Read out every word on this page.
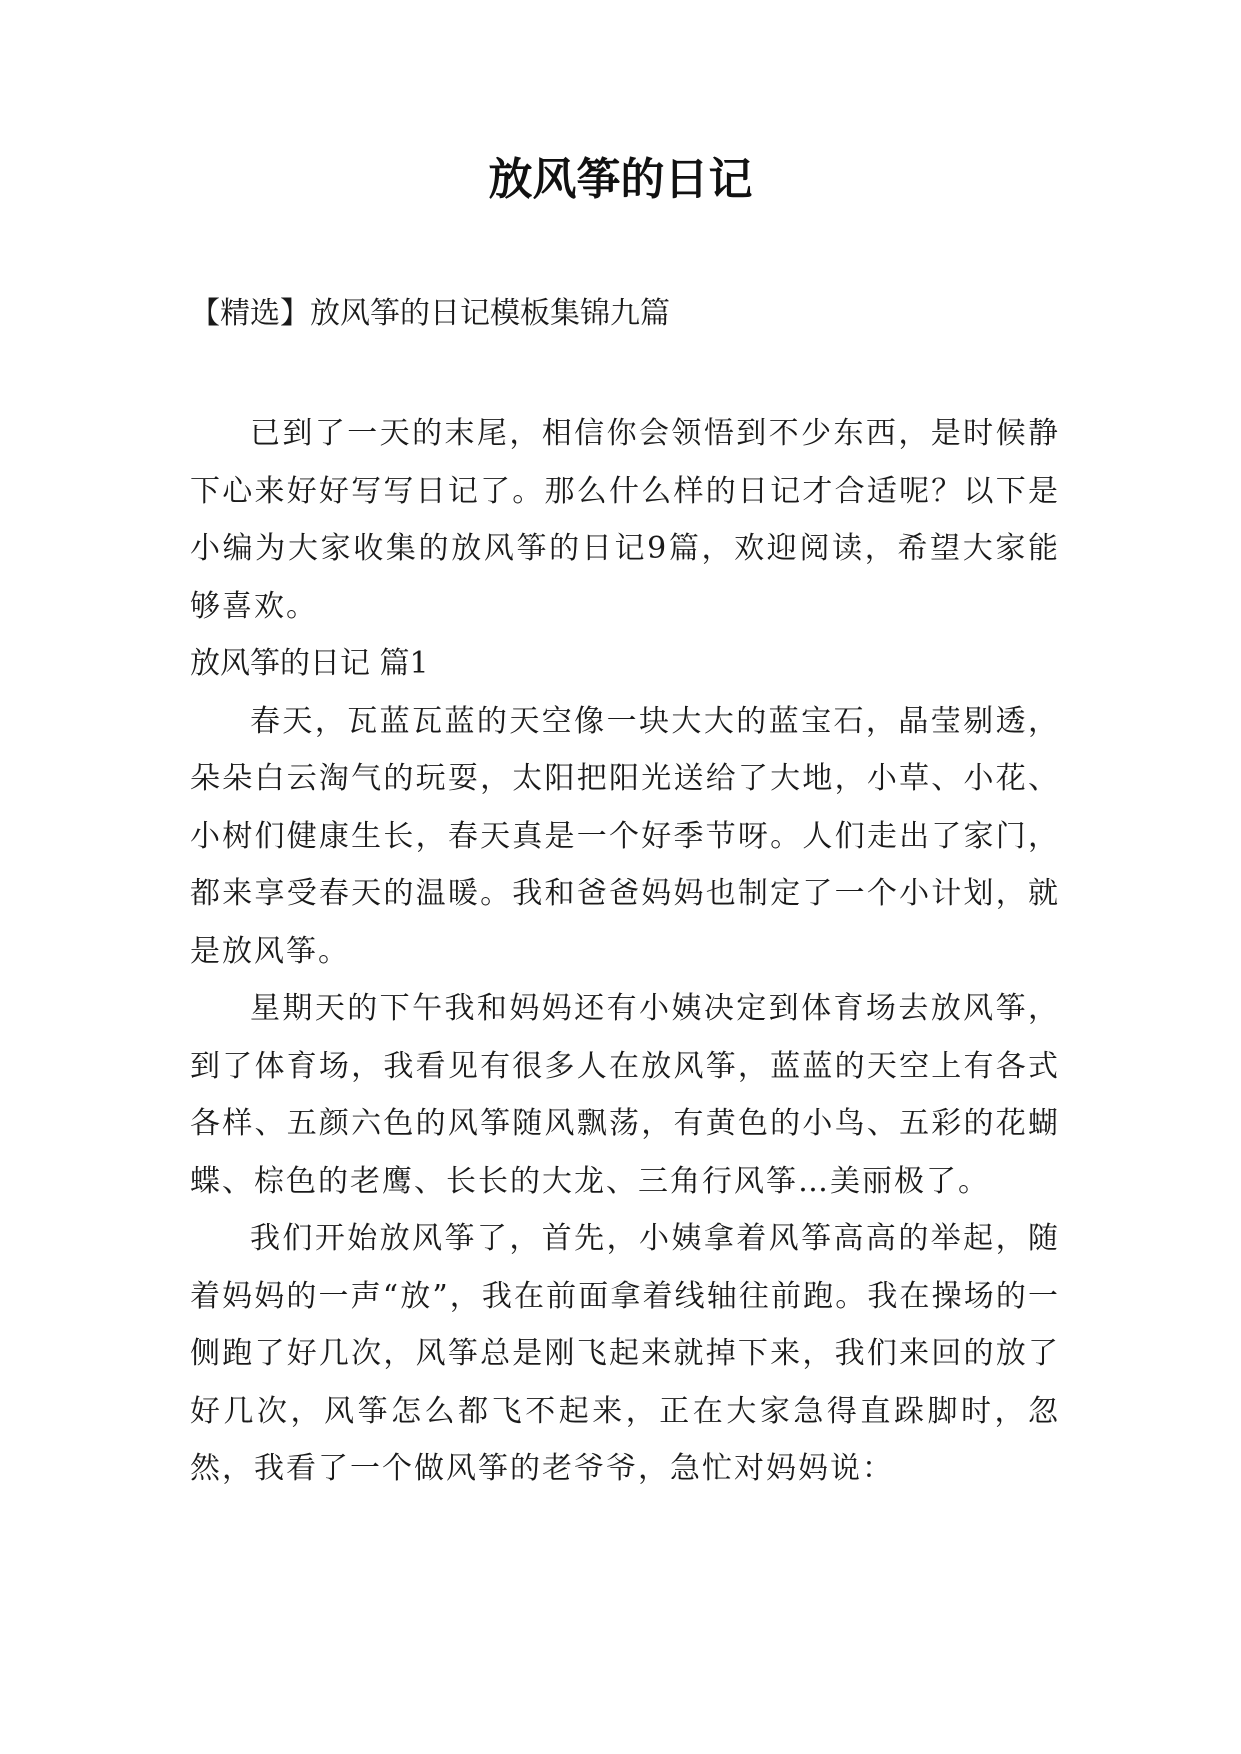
放风筝的日记

【精选】放风筝的日记模板集锦九篇

已到了一天的末尾，相信你会领悟到不少东西，是时候静下心来好好写写日记了。那么什么样的日记才合适呢？以下是小编为大家收集的放风筝的日记9篇，欢迎阅读，希望大家能够喜欢。

放风筝的日记 篇1

春天，瓦蓝瓦蓝的天空像一块大大的蓝宝石，晶莹剔透，朵朵白云淘气的玩耍，太阳把阳光送给了大地，小草、小花、小树们健康生长，春天真是一个好季节呀。人们走出了家门，都来享受春天的温暖。我和爸爸妈妈也制定了一个小计划，就是放风筝。

星期天的下午我和妈妈还有小姨决定到体育场去放风筝，到了体育场，我看见有很多人在放风筝，蓝蓝的天空上有各式各样、五颜六色的风筝随风飘荡，有黄色的小鸟、五彩的花蝴蝶、棕色的老鹰、长长的大龙、三角行风筝…美丽极了。

我们开始放风筝了，首先，小姨拿着风筝高高的举起，随着妈妈的一声“放”，我在前面拿着线轴往前跑。我在操场的一侧跑了好几次，风筝总是刚飞起来就掉下来，我们来回的放了好几次，风筝怎么都飞不起来，正在大家急得直跺脚时，忽然，我看了一个做风筝的老爷爷，急忙对妈妈说：
